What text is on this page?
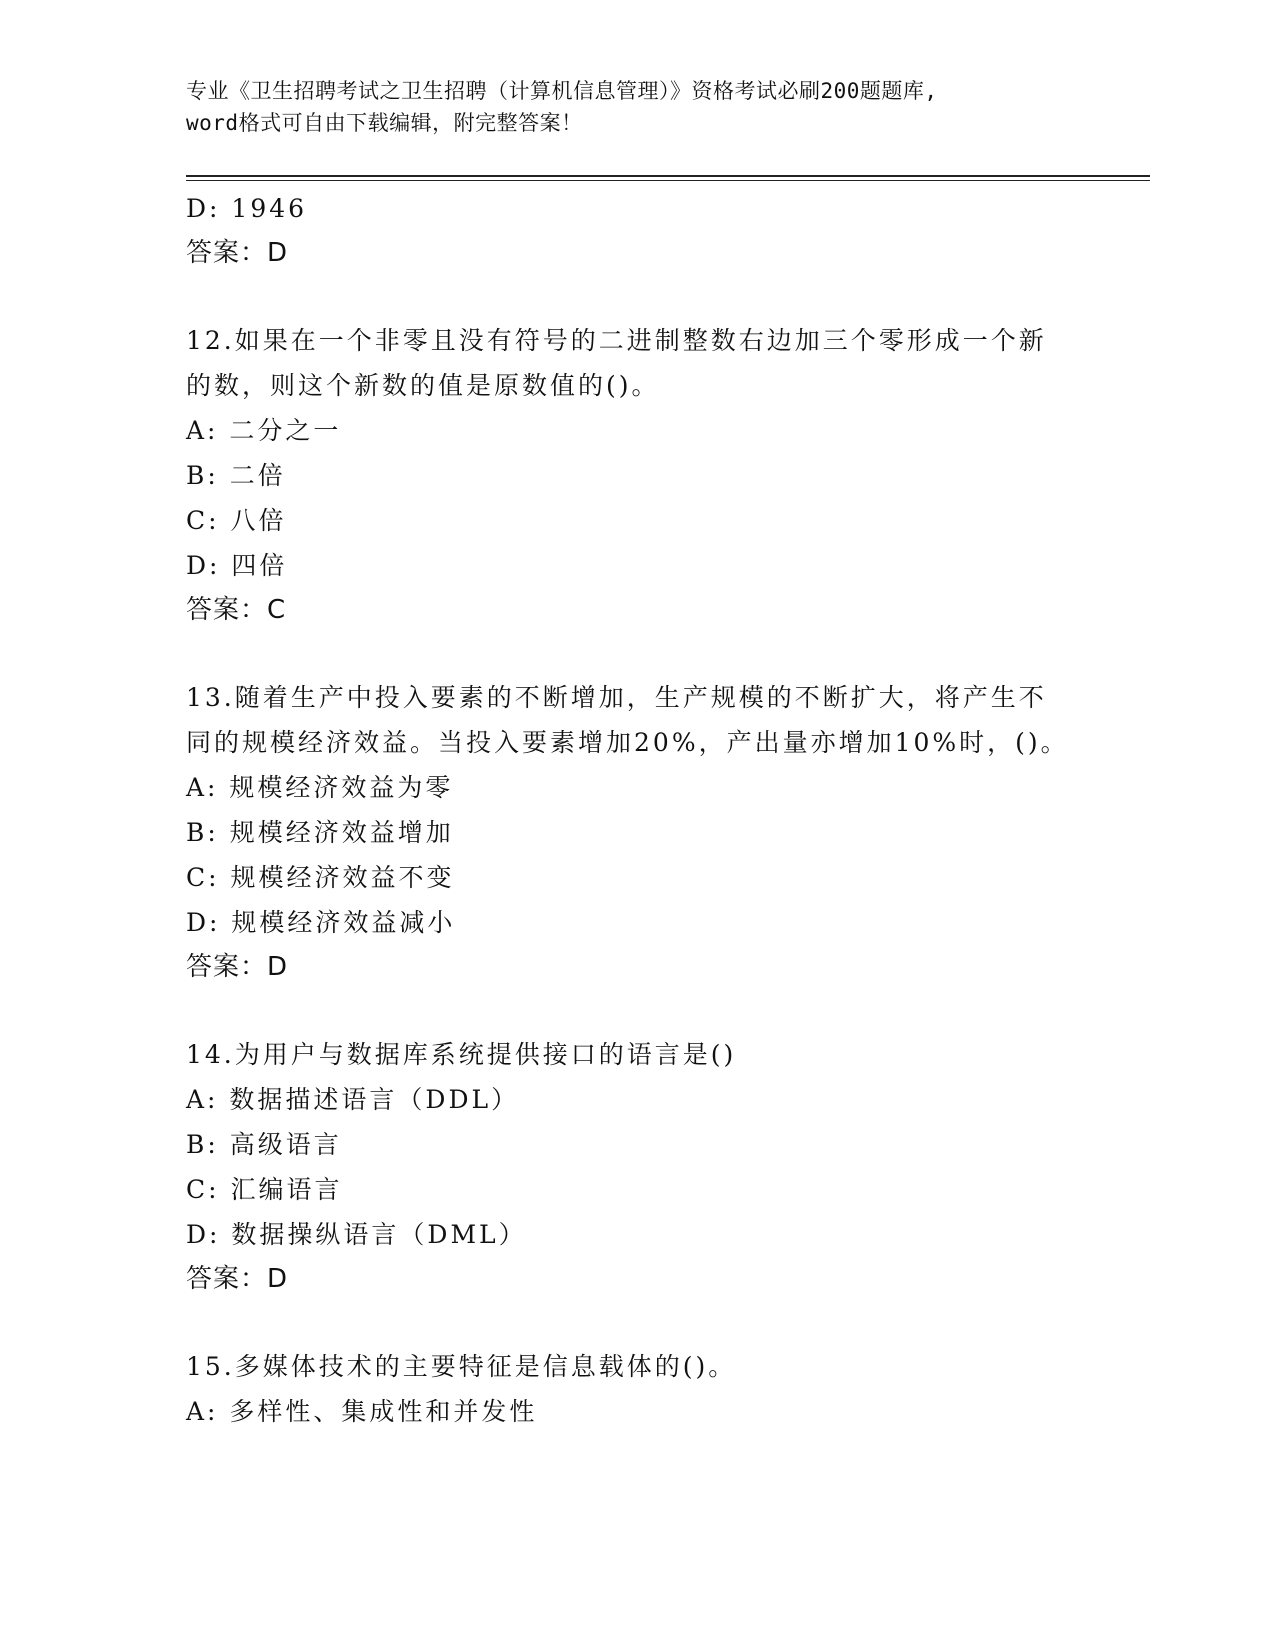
专业《卫生招聘考试之卫生招聘（计算机信息管理）》资格考试必刷200题题库,
word格式可自由下载编辑，附完整答案！
D: 1946
答案：D
12.如果在一个非零且没有符号的二进制整数右边加三个零形成一个新
的数，则这个新数的值是原数值的()。
A: 二分之一
B: 二倍
C: 八倍
D: 四倍
答案：C
13.随着生产中投入要素的不断增加，生产规模的不断扩大，将产生不
同的规模经济效益。当投入要素增加20%，产出量亦增加10%时，()。
A: 规模经济效益为零
B: 规模经济效益增加
C: 规模经济效益不变
D: 规模经济效益减小
答案：D
14.为用户与数据库系统提供接口的语言是()
A: 数据描述语言（DDL）
B: 高级语言
C: 汇编语言
D: 数据操纵语言（DML）
答案：D
15.多媒体技术的主要特征是信息载体的()。
A: 多样性、集成性和并发性
